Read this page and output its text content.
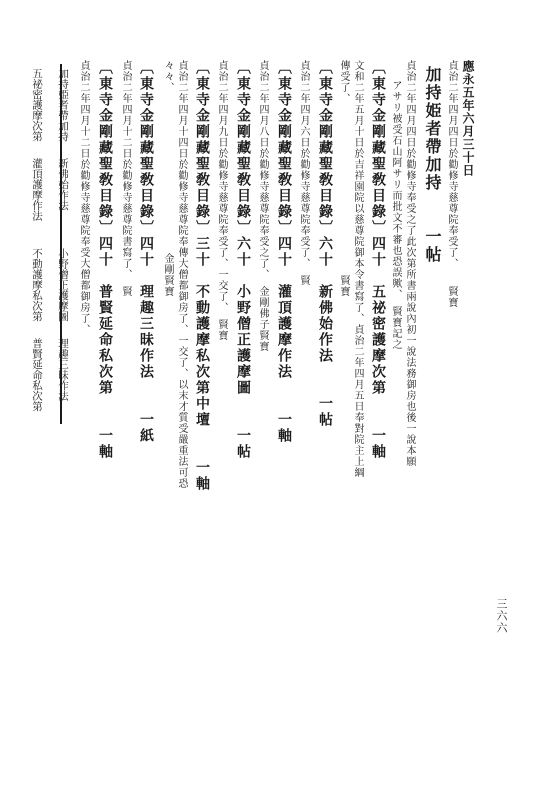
三六六
應永五年六月三十日
貞治二年四月四日於勸修寺慈尊院奉受了、　　賢寶
加持姫者帶加持　　一帖
貞治二年四月四日於勸修寺奉受之了此次第所書兩說內初一說法務御房也後一說本願
アサリ被受石山阿サリ而批文不審也恐誤歟、　賢寶記之
〔東寺金剛藏聖敎目錄〕四十　五祕密護摩次第　　一軸
文和二年五月十日於吉祥園院以慈尊院御本令書寫了、貞治二年四月五日奉對院主上綱
傳受了、　　　　　　　　　　　　　　　　賢寶
〔東寺金剛藏聖敎目錄〕六十　新佛始作法　　一帖
貞治二年四月六日於勸修寺慈尊院奉受了、　賢
〔東寺金剛藏聖敎目錄〕四十　灌頂護摩作法　　一軸
貞治二年四月八日於勸修寺慈尊院奉受之了、　金剛佛子賢寶
〔東寺金剛藏聖敎目錄〕六十　小野僧正護摩圖　　一帖
貞治二年四月九日於勸修寺慈尊院奉受了、一交了、　賢寶
〔東寺金剛藏聖敎目錄〕三十　不動護摩私次第中壇　　一軸
貞治二年四月十四日於勸修寺慈尊院奉傳大僧都御房了、一交了、以末才質受嚴重法可恐
々々、　　　　　　　　　　　　　　　金剛賢寶
〔東寺金剛藏聖敎目錄〕四十　理趣三昧作法　　一紙
貞治二年四月十二日於勸修寺慈尊院書寫了、　賢
〔東寺金剛藏聖敎目錄〕四十　普賢延命私次第　　一軸
貞治二年四月十二日於勸修寺慈尊院奉受大僧都御房了、
加持姫者帶加持
五祕密護摩次第
新佛始作法
灌頂護摩作法
小野僧正護摩圖
不動護摩私次第
理趣三昧作法
普賢延命私次第
